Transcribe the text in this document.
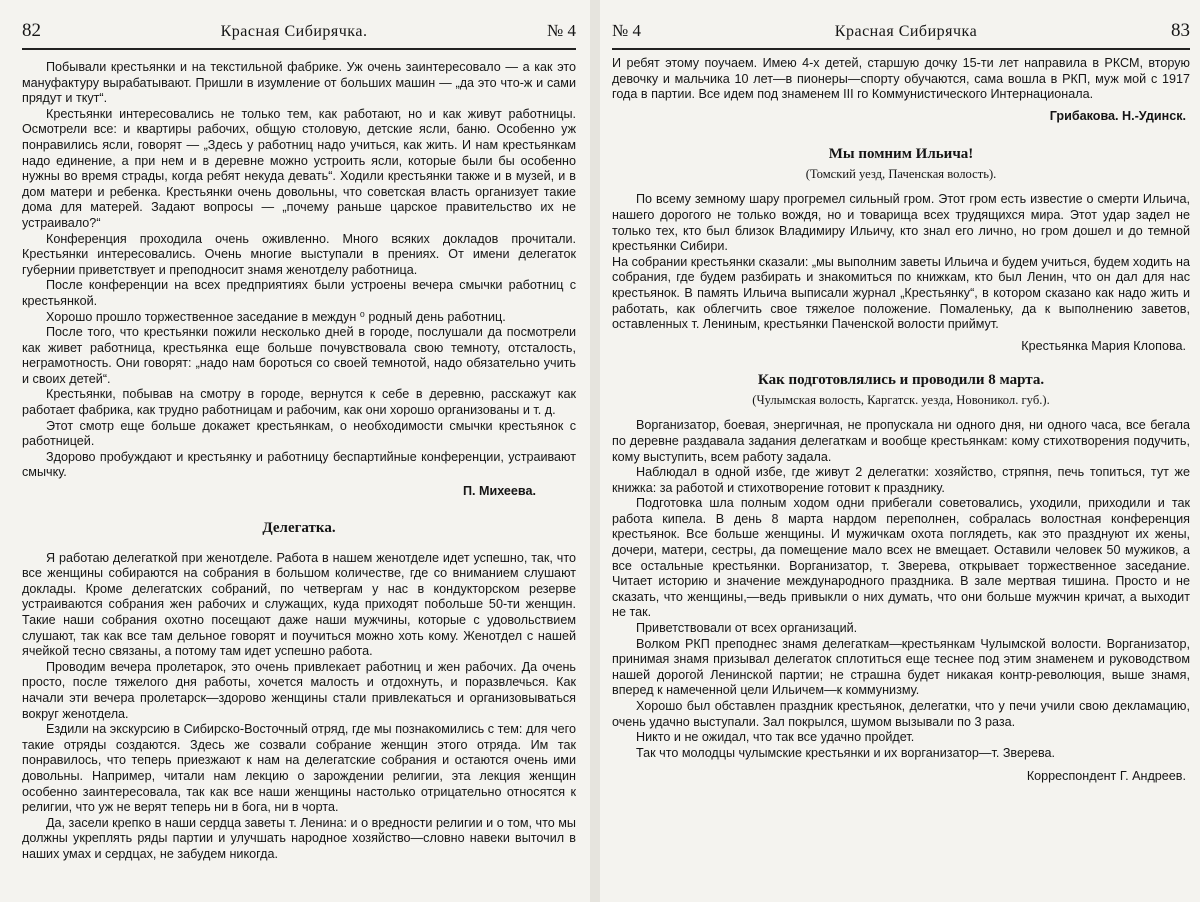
82	Красная Сибирячка.	№ 4

Побывали крестьянки и на текстильной фабрике. Уж очень заинтересовало — а как это мануфактуру вырабатывают. Пришли в изумление от больших машин — „да это что-ж и сами прядут и ткут“.

Крестьянки интересовались не только тем, как работают, но и как живут работницы. Осмотрели все: и квартиры рабочих, общую столовую, детские ясли, баню. Особенно уж понравились ясли, говорят — „Здесь у работниц надо учиться, как жить. И нам крестьянкам надо единение, а при нем и в деревне можно устроить ясли, которые были бы особенно нужны во время страды, когда ребят некуда девать“. Ходили крестьянки также и в музей, и в дом матери и ребенка. Крестьянки очень довольны, что советская власть организует такие дома для матерей. Задают вопросы — „почему раньше царское правительство их не устраивало?“

Конференция проходила очень оживленно. Много всяких докладов прочитали. Крестьянки интересовались. Очень многие выступали в прениях. От имени делегаток губернии приветствует и преподносит знамя женотделу работница.

После конференции на всех предприятиях были устроены вечера смычки работниц с крестьянкой.

Хорошо прошло торжественное заседание в междун ⁰ родный день работниц.

После того, что крестьянки пожили несколько дней в городе, послушали да посмотрели как живет работница, крестьянка еще больше почувствовала свою темноту, отсталость, неграмотность. Они говорят: „надо нам бороться со своей темнотой, надо обязательно учить и своих детей“.

Крестьянки, побывав на смотру в городе, вернутся к себе в деревню, расскажут как работает фабрика, как трудно работницам и рабочим, как они хорошо организованы и т. д.

Этот смотр еще больше докажет крестьянкам, о необходимости смычки крестьянок с работницей.

Здорово пробуждают и крестьянку и работницу беспартийные конференции, устраивают смычку.

П. Михеева.

Делегатка.

Я работаю делегаткой при женотделе. Работа в нашем женотделе идет успешно, так, что все женщины собираются на собрания в большом количестве, где со вниманием слушают доклады. Кроме делегатских собраний, по четвергам у нас в кондукторском резерве устраиваются собрания жен рабочих и служащих, куда приходят побольше 50-ти женщин. Такие наши собрания охотно посещают даже наши мужчины, которые с удовольствием слушают, так как все там дельное говорят и поучиться можно хоть кому. Женотдел с нашей ячейкой тесно связаны, а потому там идет успешно работа.

Проводим вечера пролетарок, это очень привлекает работниц и жен рабочих. Да очень просто, после тяжелого дня работы, хочется малость и отдохнуть, и поразвлечься. Как начали эти вечера пролетарск—здорово женщины стали привлекаться и организовываться вокруг женотдела.

Ездили на экскурсию в Сибирско-Восточный отряд, где мы познакомились с тем: для чего такие отряды создаются. Здесь же созвали собрание женщин этого отряда. Им так понравилось, что теперь приезжают к нам на делегатские собрания и остаются очень ими довольны. Например, читали нам лекцию о зарождении религии, эта лекция женщин особенно заинтересовала, так как все наши женщины настолько отрицательно относятся к религии, что уж не верят теперь ни в бога, ни в чорта.

Да, засели крепко в наши сердца заветы т. Ленина: и о вредности религии и о том, что мы должны укреплять ряды партии и улучшать народное хозяйство—словно навеки выточил в наших умах и сердцах, не забудем никогда.

№ 4	Красная Сибирячка	83

И ребят этому поучаем. Имею 4-х детей, старшую дочку 15-ти лет направила в РКСМ, вторую девочку и мальчика 10 лет—в пионеры—спорту обучаются, сама вошла в РКП, муж мой с 1917 года в партии. Все идем под знаменем III го Коммунистического Интернационала.

Грибакова. Н.-Удинск.

Мы помним Ильича!

(Томский уезд, Паченская волость).

По всему земному шару прогремел сильный гром. Этот гром есть известие о смерти Ильича, нашего дорогого не только вождя, но и товарища всех трудящихся мира. Этот удар задел не только тех, кто был близок Владимиру Ильичу, кто знал его лично, но гром дошел и до темной крестьянки Сибири.

На собрании крестьянки сказали: „мы выполним заветы Ильича и будем учиться, будем ходить на собрания, где будем разбирать и знакомиться по книжкам, кто был Ленин, что он дал для нас крестьянок. В память Ильича выписали журнал „Крестьянку“, в котором сказано как надо жить и работать, как облегчить свое тяжелое положение. Помаленьку, да к выполнению заветов, оставленных т. Лениным, крестьянки Паченской волости приймут.

Крестьянка Мария Клопова.

Как подготовлялись и проводили 8 марта.

(Чулымская волость, Каргатск. уезда, Новоникол. губ.).

Ворганизатор, боевая, энергичная, не пропускала ни одного дня, ни одного часа, все бегала по деревне раздавала задания делегаткам и вообще крестьянкам: кому стихотворения подучить, кому выступить, всем работу задала.

Наблюдал в одной избе, где живут 2 делегатки: хозяйство, стряпня, печь топиться, тут же книжка: за работой и стихотворение готовит к празднику.

Подготовка шла полным ходом одни прибегали советовались, уходили, приходили и так работа кипела. В день 8 марта нардом переполнен, собралась волостная конференция крестьянок. Все больше женщины. И мужичкам охота поглядеть, как это празднуют их жены, дочери, матери, сестры, да помещение мало всех не вмещает. Оставили человек 50 мужиков, а все остальные крестьянки. Ворганизатор, т. Зверева, открывает торжественное заседание. Читает историю и значение международного праздника. В зале мертвая тишина. Просто и не сказать, что женщины,—ведь привыкли о них думать, что они больше мужчин кричат, а выходит не так.

Приветствовали от всех организаций.

Волком РКП преподнес знамя делегаткам—крестьянкам Чулымской волости. Ворганизатор, принимая знамя призывал делегаток сплотиться еще теснее под этим знаменем и руководством нашей дорогой Ленинской партии; не страшна будет никакая контр-революция, выше знамя, вперед к намеченной цели Ильичем—к коммунизму.

Хорошо был обставлен праздник крестьянок, делегатки, что у печи учили свою декламацию, очень удачно выступали. Зал покрылся, шумом вызывали по 3 раза.

Никто и не ожидал, что так все удачно пройдет.

Так что молодцы чулымские крестьянки и их ворганизатор—т. Зверева.

Корреспондент Г. Андреев.
